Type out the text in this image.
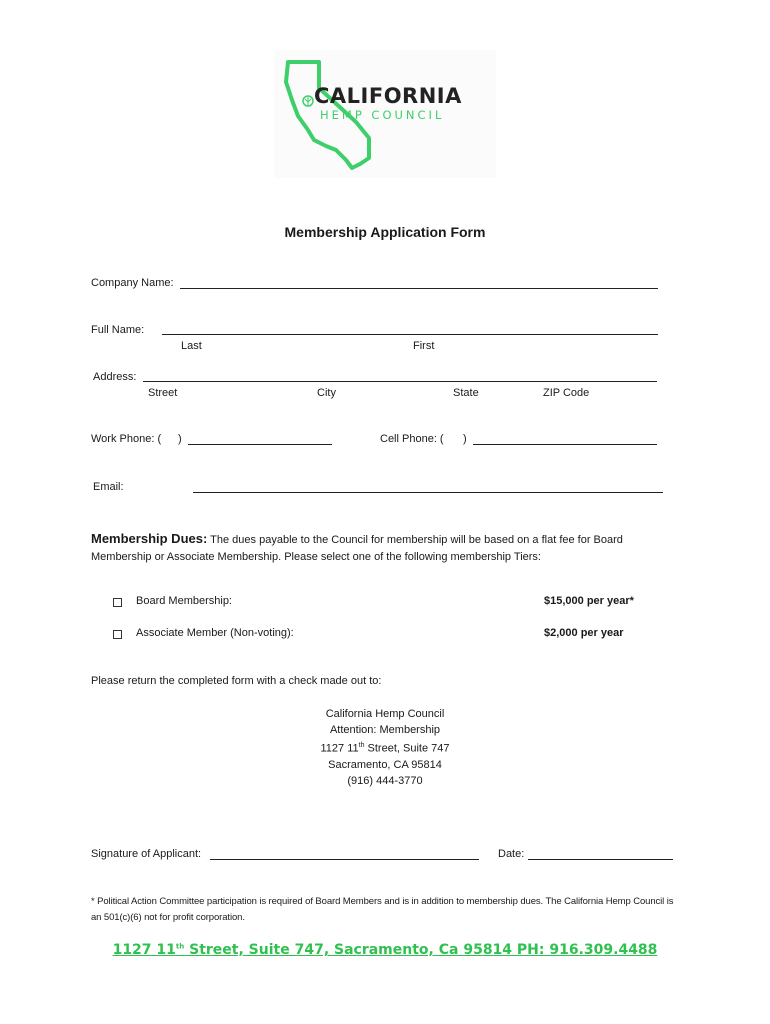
CALIFORNIA
HEMP COUNCIL
Membership Application Form
Company Name:
Full Name:
Last	First
Address:
Street	City	State	ZIP Code
Work Phone: ( )	Cell Phone: ( )
Email:
Membership Dues: The dues payable to the Council for membership will be based on a flat fee for Board
Membership or Associate Membership. Please select one of the following membership Tiers:
Board Membership:	$15,000 per year*
Associate Member (Non-voting):	$2,000 per year
Please return the completed form with a check made out to:
California Hemp Council
Attention: Membership
1127 11th Street, Suite 747
Sacramento, CA 95814
(916) 444-3770
Signature of Applicant:	Date:
* Political Action Committee participation is required of Board Members and is in addition to membership dues. The California Hemp Council is
an 501(c)(6) not for profit corporation.
1127 11th Street, Suite 747, Sacramento, Ca 95814 PH: 916.309.4488
